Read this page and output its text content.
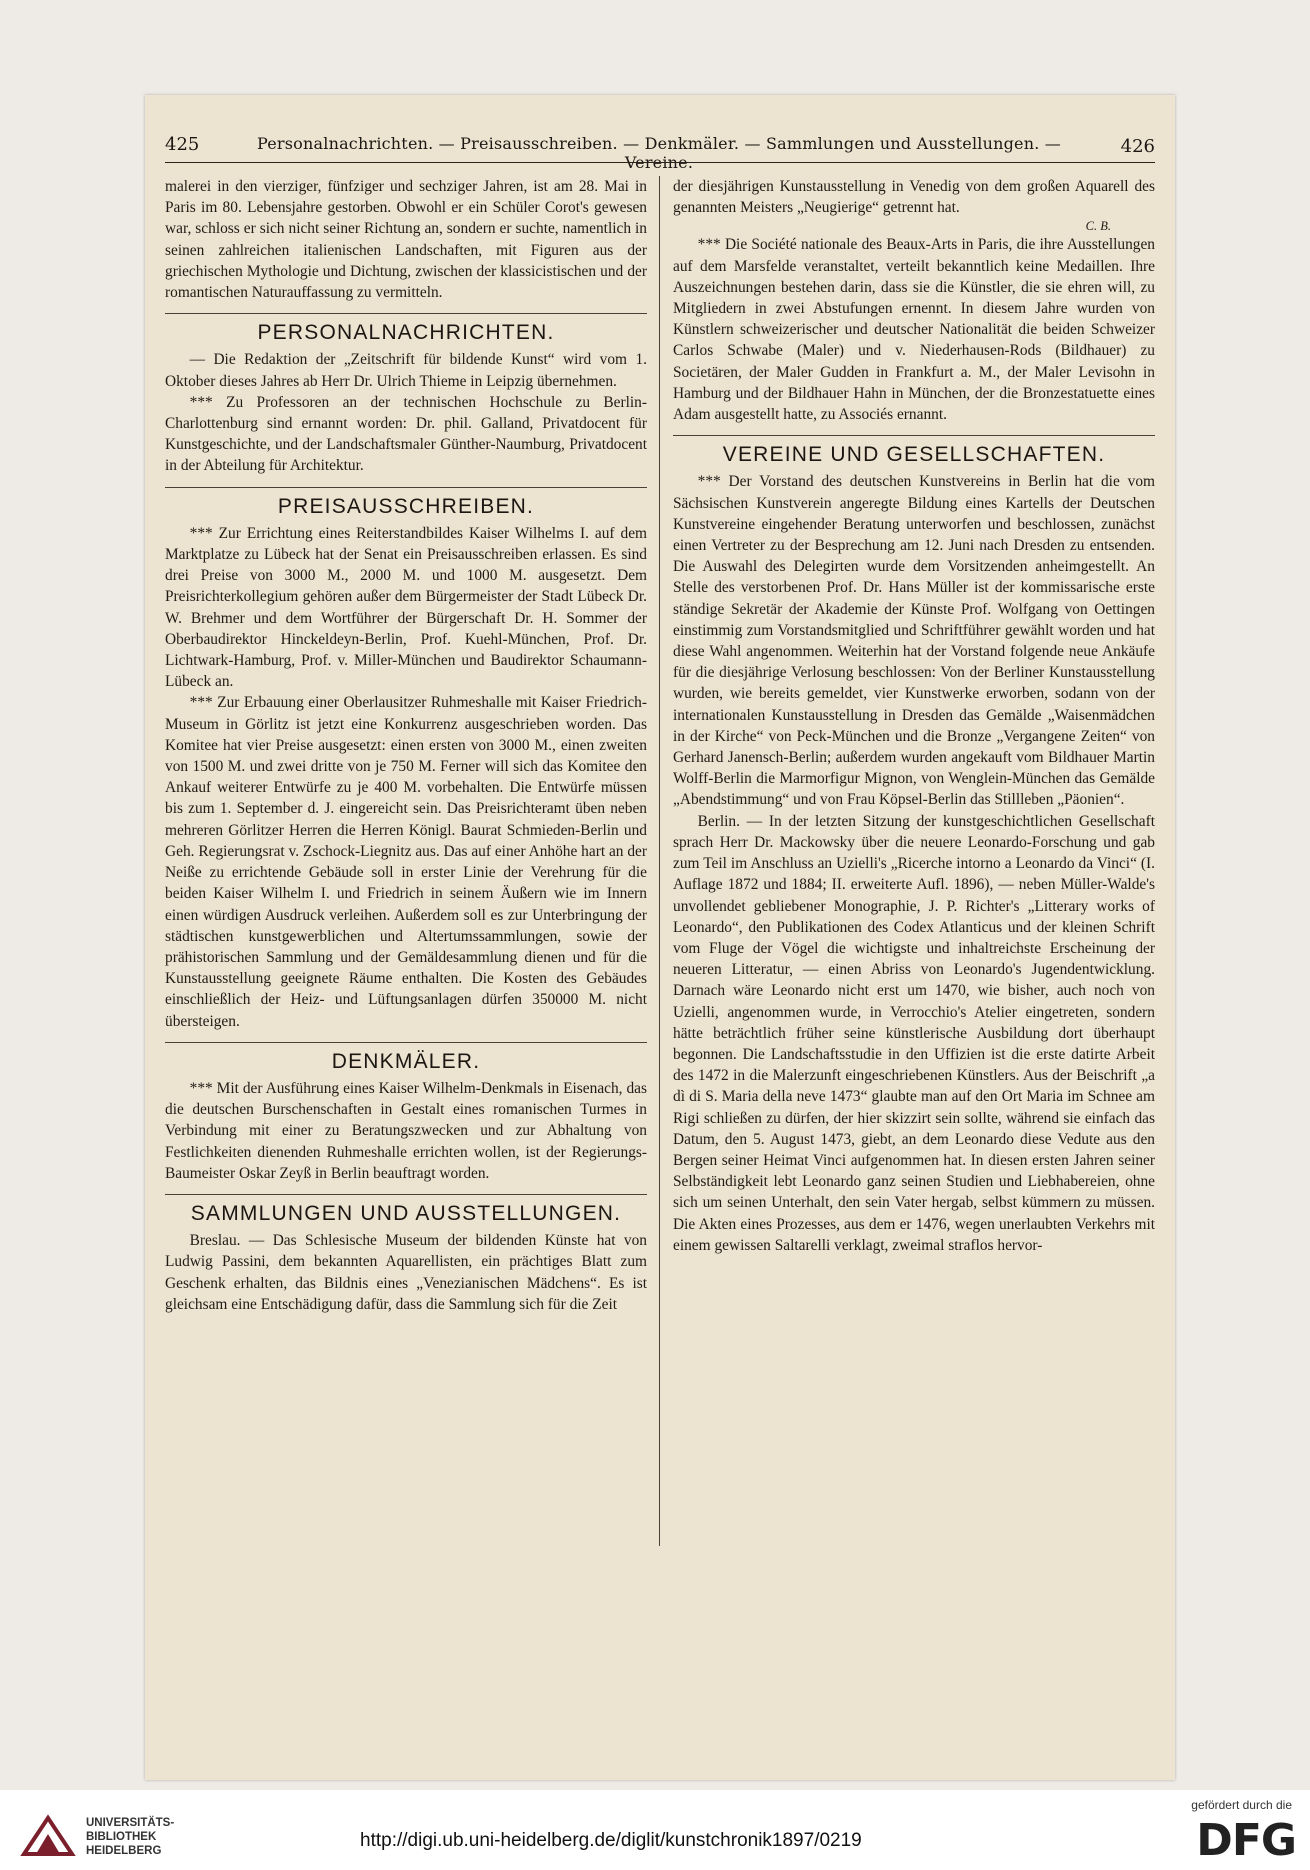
425	Personalnachrichten. — Preisausschreiben. — Denkmäler. — Sammlungen und Ausstellungen. — Vereine.
426

malerei in den vierziger, fünfziger und sechziger Jahren, ist am 28. Mai in Paris im 80. Lebensjahre gestorben. Obwohl er ein Schüler Corot's gewesen war, schloss er sich nicht seiner Richtung an, sondern er suchte, namentlich in seinen zahlreichen italienischen Landschaften, mit Figuren aus der griechischen Mythologie und Dichtung, zwischen der klassicistischen und der romantischen Naturauffassung zu vermitteln.

PERSONALNACHRICHTEN.

— Die Redaktion der „Zeitschrift für bildende Kunst“ wird vom 1. Oktober dieses Jahres ab Herr Dr. Ulrich Thieme in Leipzig übernehmen.

*** Zu Professoren an der technischen Hochschule zu Berlin-Charlottenburg sind ernannt worden: Dr. phil. Galland, Privatdocent für Kunstgeschichte, und der Landschaftsmaler Günther-Naumburg, Privatdocent in der Abteilung für Architektur.

PREISAUSSCHREIBEN.

*** Zur Errichtung eines Reiterstandbildes Kaiser Wilhelms I. auf dem Marktplatze zu Lübeck hat der Senat ein Preisausschreiben erlassen. Es sind drei Preise von 3000 M., 2000 M. und 1000 M. ausgesetzt. Dem Preisrichterkollegium gehören außer dem Bürgermeister der Stadt Lübeck Dr. W. Brehmer und dem Wortführer der Bürgerschaft Dr. H. Sommer der Oberbaudirektor Hinckeldeyn-Berlin, Prof. Kuehl-München, Prof. Dr. Lichtwark-Hamburg, Prof. v. Miller-München und Baudirektor Schaumann-Lübeck an.

*** Zur Erbauung einer Oberlausitzer Ruhmeshalle mit Kaiser Friedrich-Museum in Görlitz ist jetzt eine Konkurrenz ausgeschrieben worden. Das Komitee hat vier Preise ausgesetzt: einen ersten von 3000 M., einen zweiten von 1500 M. und zwei dritte von je 750 M. Ferner will sich das Komitee den Ankauf weiterer Entwürfe zu je 400 M. vorbehalten. Die Entwürfe müssen bis zum 1. September d. J. eingereicht sein. Das Preisrichteramt üben neben mehreren Görlitzer Herren die Herren Königl. Baurat Schmieden-Berlin und Geh. Regierungsrat v. Zschock-Liegnitz aus. Das auf einer Anhöhe hart an der Neiße zu errichtende Gebäude soll in erster Linie der Verehrung für die beiden Kaiser Wilhelm I. und Friedrich in seinem Äußern wie im Innern einen würdigen Ausdruck verleihen. Außerdem soll es zur Unterbringung der städtischen kunstgewerblichen und Altertumssammlungen, sowie der prähistorischen Sammlung und der Gemäldesammlung dienen und für die Kunstausstellung geeignete Räume enthalten. Die Kosten des Gebäudes einschließlich der Heiz- und Lüftungsanlagen dürfen 350000 M. nicht übersteigen.

DENKMÄLER.

*** Mit der Ausführung eines Kaiser Wilhelm-Denkmals in Eisenach, das die deutschen Burschenschaften in Gestalt eines romanischen Turmes in Verbindung mit einer zu Beratungszwecken und zur Abhaltung von Festlichkeiten dienenden Ruhmeshalle errichten wollen, ist der Regierungs-Baumeister Oskar Zeyß in Berlin beauftragt worden.

SAMMLUNGEN UND AUSSTELLUNGEN.

Breslau. — Das Schlesische Museum der bildenden Künste hat von Ludwig Passini, dem bekannten Aquarellisten, ein prächtiges Blatt zum Geschenk erhalten, das Bildnis eines „Venezianischen Mädchens“. Es ist gleichsam eine Entschädigung dafür, dass die Sammlung sich für die Zeit

der diesjährigen Kunstausstellung in Venedig von dem großen Aquarell des genannten Meisters „Neugierige“ getrennt hat.

C. B.

*** Die Société nationale des Beaux-Arts in Paris, die ihre Ausstellungen auf dem Marsfelde veranstaltet, verteilt bekanntlich keine Medaillen. Ihre Auszeichnungen bestehen darin, dass sie die Künstler, die sie ehren will, zu Mitgliedern in zwei Abstufungen ernennt. In diesem Jahre wurden von Künstlern schweizerischer und deutscher Nationalität die beiden Schweizer Carlos Schwabe (Maler) und v. Niederhausen-Rods (Bildhauer) zu Societären, der Maler Gudden in Frankfurt a. M., der Maler Levisohn in Hamburg und der Bildhauer Hahn in München, der die Bronzestatuette eines Adam ausgestellt hatte, zu Associés ernannt.

VEREINE UND GESELLSCHAFTEN.

*** Der Vorstand des deutschen Kunstvereins in Berlin hat die vom Sächsischen Kunstverein angeregte Bildung eines Kartells der Deutschen Kunstvereine eingehender Beratung unterworfen und beschlossen, zunächst einen Vertreter zu der Besprechung am 12. Juni nach Dresden zu entsenden. Die Auswahl des Delegirten wurde dem Vorsitzenden anheimgestellt. An Stelle des verstorbenen Prof. Dr. Hans Müller ist der kommissarische erste ständige Sekretär der Akademie der Künste Prof. Wolfgang von Oettingen einstimmig zum Vorstandsmitglied und Schriftführer gewählt worden und hat diese Wahl angenommen. Weiterhin hat der Vorstand folgende neue Ankäufe für die diesjährige Verlosung beschlossen: Von der Berliner Kunstausstellung wurden, wie bereits gemeldet, vier Kunstwerke erworben, sodann von der internationalen Kunstausstellung in Dresden das Gemälde „Waisenmädchen in der Kirche“ von Peck-München und die Bronze „Vergangene Zeiten“ von Gerhard Janensch-Berlin; außerdem wurden angekauft vom Bildhauer Martin Wolff-Berlin die Marmorfigur Mignon, von Wenglein-München das Gemälde „Abendstimmung“ und von Frau Köpsel-Berlin das Stillleben „Päonien“.

Berlin. — In der letzten Sitzung der kunstgeschichtlichen Gesellschaft sprach Herr Dr. Mackowsky über die neuere Leonardo-Forschung und gab zum Teil im Anschluss an Uzielli's „Ricerche intorno a Leonardo da Vinci“ (I. Auflage 1872 und 1884; II. erweiterte Aufl. 1896), — neben Müller-Walde's unvollendet gebliebener Monographie, J. P. Richter's „Litterary works of Leonardo“, den Publikationen des Codex Atlanticus und der kleinen Schrift vom Fluge der Vögel die wichtigste und inhaltreichste Erscheinung der neueren Litteratur, — einen Abriss von Leonardo's Jugendentwicklung. Darnach wäre Leonardo nicht erst um 1470, wie bisher, auch noch von Uzielli, angenommen wurde, in Verrocchio's Atelier eingetreten, sondern hätte beträchtlich früher seine künstlerische Ausbildung dort überhaupt begonnen. Die Landschaftsstudie in den Uffizien ist die erste datirte Arbeit des 1472 in die Malerzunft eingeschriebenen Künstlers. Aus der Beischrift „a dì di S. Maria della neve 1473“ glaubte man auf den Ort Maria im Schnee am Rigi schließen zu dürfen, der hier skizzirt sein sollte, während sie einfach das Datum, den 5. August 1473, giebt, an dem Leonardo diese Vedute aus den Bergen seiner Heimat Vinci aufgenommen hat. In diesen ersten Jahren seiner Selbständigkeit lebt Leonardo ganz seinen Studien und Liebhabereien, ohne sich um seinen Unterhalt, den sein Vater hergab, selbst kümmern zu müssen. Die Akten eines Prozesses, aus dem er 1476, wegen unerlaubten Verkehrs mit einem gewissen Saltarelli verklagt, zweimal straflos hervor-

UNIVERSITÄTS-
BIBLIOTHEK
HEIDELBERG	http://digi.ub.uni-heidelberg.de/diglit/kunstchronik1897/0219
gefördert durch die
DFG
